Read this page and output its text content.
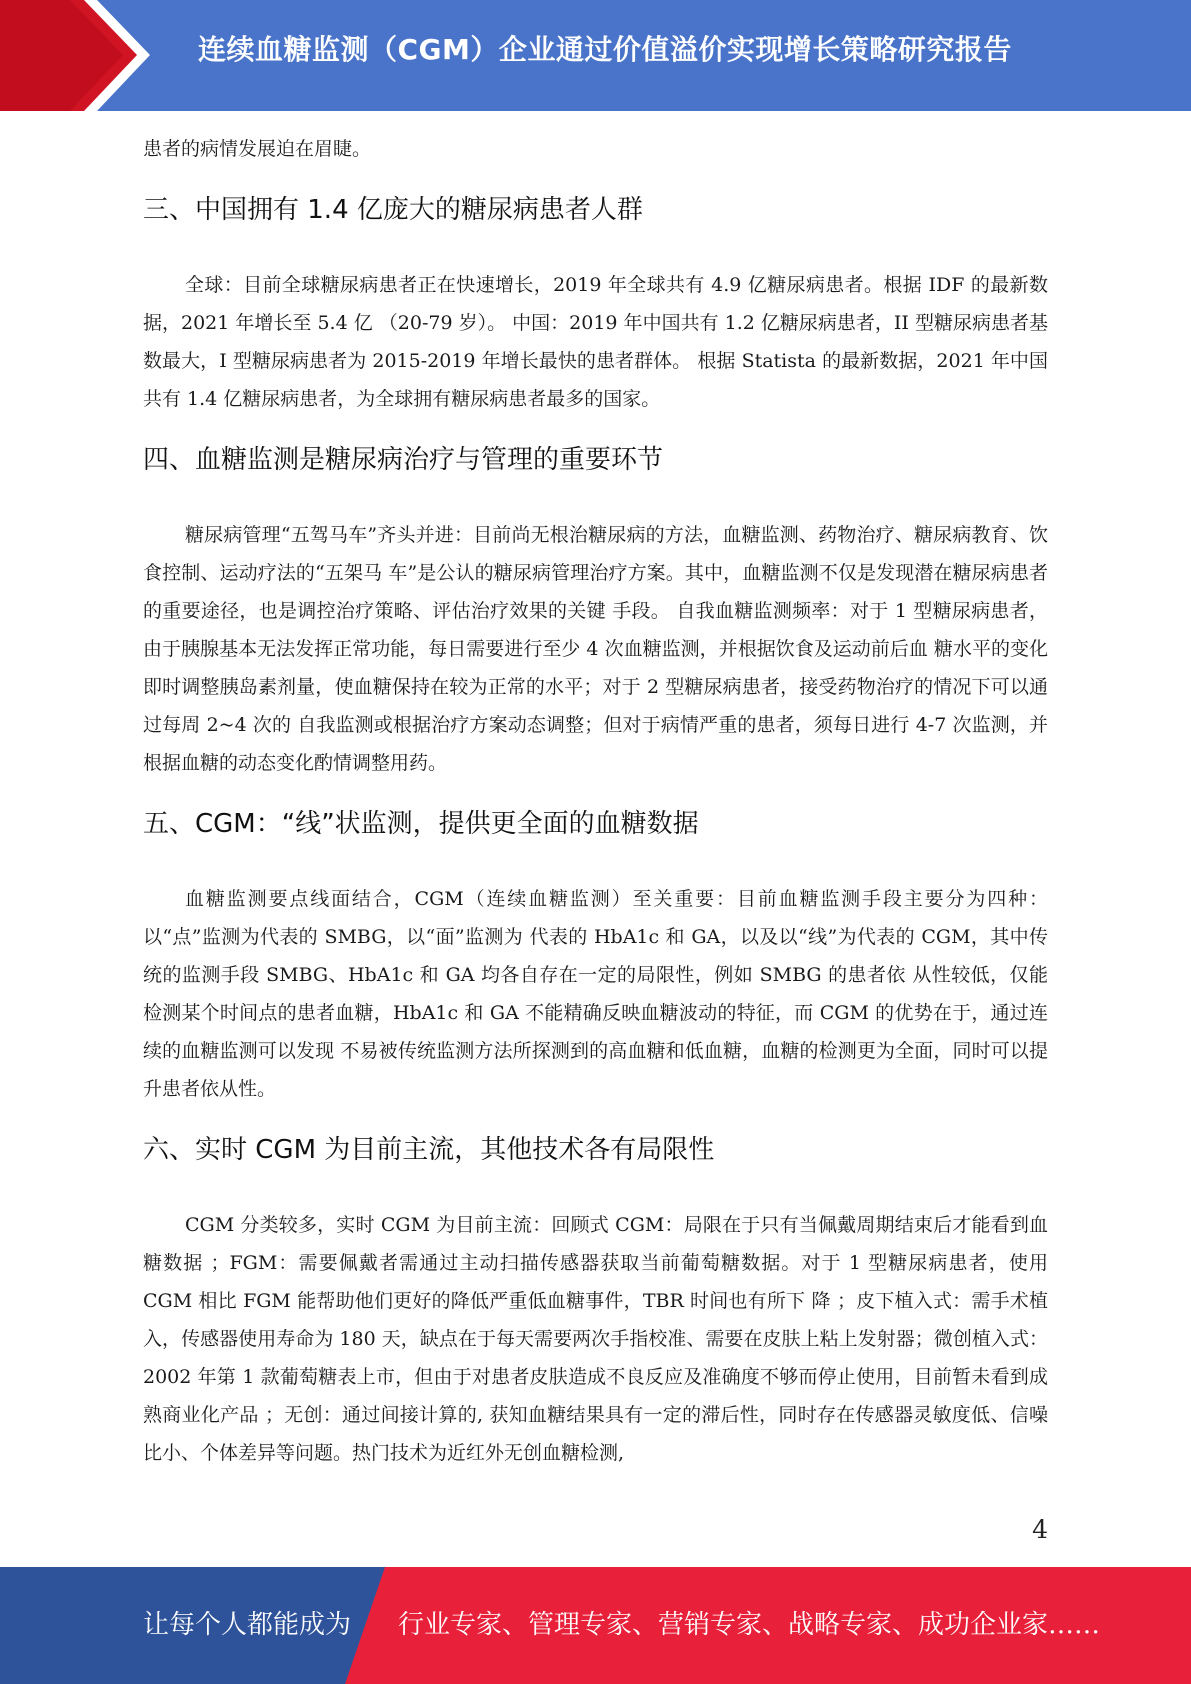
连续血糖监测（CGM）企业通过价值溢价实现增长策略研究报告

患者的病情发展迫在眉睫。

三、中国拥有 1.4 亿庞大的糖尿病患者人群

全球：目前全球糖尿病患者正在快速增长，2019 年全球共有 4.9 亿糖尿病患者。根据 IDF 的最新数据，2021 年增长至 5.4 亿 （20-79 岁）。 中国：2019 年中国共有 1.2 亿糖尿病患者，II 型糖尿病患者基数最大，I 型糖尿病患者为 2015-2019 年增长最快的患者群体。 根据 Statista 的最新数据，2021 年中国共有 1.4 亿糖尿病患者，为全球拥有糖尿病患者最多的国家。

四、血糖监测是糖尿病治疗与管理的重要环节

糖尿病管理“五驾马车”齐头并进：目前尚无根治糖尿病的方法，血糖监测、药物治疗、糖尿病教育、饮食控制、运动疗法的“五架马 车”是公认的糖尿病管理治疗方案。其中，血糖监测不仅是发现潜在糖尿病患者的重要途径，也是调控治疗策略、评估治疗效果的关键 手段。 自我血糖监测频率：对于 1 型糖尿病患者，由于胰腺基本无法发挥正常功能，每日需要进行至少 4 次血糖监测，并根据饮食及运动前后血 糖水平的变化即时调整胰岛素剂量，使血糖保持在较为正常的水平；对于 2 型糖尿病患者，接受药物治疗的情况下可以通过每周 2~4 次的 自我监测或根据治疗方案动态调整；但对于病情严重的患者，须每日进行 4-7 次监测，并根据血糖的动态变化酌情调整用药。

五、CGM：“线”状监测，提供更全面的血糖数据

血糖监测要点线面结合，CGM（连续血糖监测）至关重要：目前血糖监测手段主要分为四种：以“点”监测为代表的 SMBG，以“面”监测为 代表的 HbA1c 和 GA，以及以“线”为代表的 CGM，其中传统的监测手段 SMBG、HbA1c 和 GA 均各自存在一定的局限性，例如 SMBG 的患者依 从性较低，仅能检测某个时间点的患者血糖，HbA1c 和 GA 不能精确反映血糖波动的特征，而 CGM 的优势在于，通过连续的血糖监测可以发现 不易被传统监测方法所探测到的高血糖和低血糖，血糖的检测更为全面，同时可以提升患者依从性。

六、实时 CGM 为目前主流，其他技术各有局限性

CGM 分类较多，实时 CGM 为目前主流：回顾式 CGM：局限在于只有当佩戴周期结束后才能看到血糖数据 ；FGM：需要佩戴者需通过主动扫描传感器获取当前葡萄糖数据。对于 1 型糖尿病患者，使用 CGM 相比 FGM 能帮助他们更好的降低严重低血糖事件，TBR 时间也有所下 降 ；皮下植入式：需手术植入，传感器使用寿命为 180 天，缺点在于每天需要两次手指校准、需要在皮肤上粘上发射器；微创植入式：2002 年第 1 款葡萄糖表上市，但由于对患者皮肤造成不良反应及准确度不够而停止使用，目前暂未看到成熟商业化产品 ；无创：通过间接计算的, 获知血糖结果具有一定的滞后性，同时存在传感器灵敏度低、信噪比小、个体差异等问题。热门技术为近红外无创血糖检测,

4
让每个人都能成为 行业专家、管理专家、营销专家、战略专家、成功企业家……
